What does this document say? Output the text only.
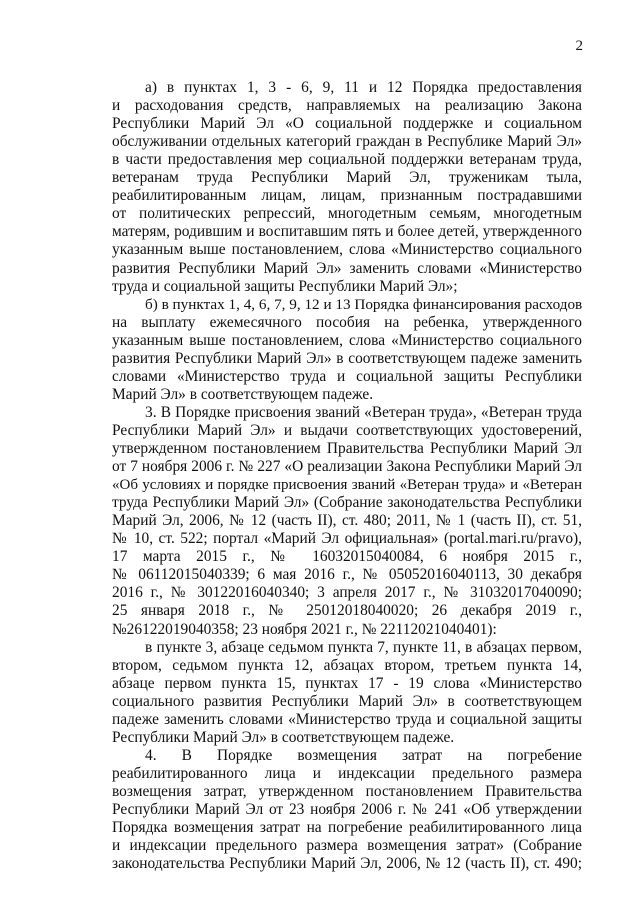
2
а) в пунктах 1, 3 - 6, 9, 11 и 12 Порядка предоставления
и расходования средств, направляемых на реализацию Закона
Республики Марий Эл «О социальной поддержке и социальном
обслуживании отдельных категорий граждан в Республике Марий Эл»
в части предоставления мер социальной поддержки ветеранам труда,
ветеранам труда Республики Марий Эл, труженикам тыла,
реабилитированным лицам, лицам, признанным пострадавшими
от политических репрессий, многодетным семьям, многодетным
матерям, родившим и воспитавшим пять и более детей, утвержденного
указанным выше постановлением, слова «Министерство социального
развития Республики Марий Эл» заменить словами «Министерство
труда и социальной защиты Республики Марий Эл»;
б) в пунктах 1, 4, 6, 7, 9, 12 и 13 Порядка финансирования расходов
на выплату ежемесячного пособия на ребенка, утвержденного
указанным выше постановлением, слова «Министерство социального
развития Республики Марий Эл» в соответствующем падеже заменить
словами «Министерство труда и социальной защиты Республики
Марий Эл» в соответствующем падеже.
3. В Порядке присвоения званий «Ветеран труда», «Ветеран труда
Республики Марий Эл» и выдачи соответствующих удостоверений,
утвержденном постановлением Правительства Республики Марий Эл
от 7 ноября 2006 г. № 227 «О реализации Закона Республики Марий Эл
«Об условиях и порядке присвоения званий «Ветеран труда» и «Ветеран
труда Республики Марий Эл» (Собрание законодательства Республики
Марий Эл, 2006, № 12 (часть II), ст. 480; 2011, № 1 (часть II), ст. 51,
№ 10, ст. 522; портал «Марий Эл официальная» (portal.mari.ru/pravo),
17 марта 2015 г., № 16032015040084, 6 ноября 2015 г.,
№ 06112015040339; 6 мая 2016 г., № 05052016040113, 30 декабря
2016 г., № 30122016040340; 3 апреля 2017 г., № 31032017040090;
25 января 2018 г., № 25012018040020; 26 декабря 2019 г.,
№26122019040358; 23 ноября 2021 г., № 22112021040401):
в пункте 3, абзаце седьмом пункта 7, пункте 11, в абзацах первом,
втором, седьмом пункта 12, абзацах втором, третьем пункта 14,
абзаце первом пункта 15, пунктах 17 - 19 слова «Министерство
социального развития Республики Марий Эл» в соответствующем
падеже заменить словами «Министерство труда и социальной защиты
Республики Марий Эл» в соответствующем падеже.
4. В Порядке возмещения затрат на погребение
реабилитированного лица и индексации предельного размера
возмещения затрат, утвержденном постановлением Правительства
Республики Марий Эл от 23 ноября 2006 г. № 241 «Об утверждении
Порядка возмещения затрат на погребение реабилитированного лица
и индексации предельного размера возмещения затрат» (Собрание
законодательства Республики Марий Эл, 2006, № 12 (часть II), ст. 490;
